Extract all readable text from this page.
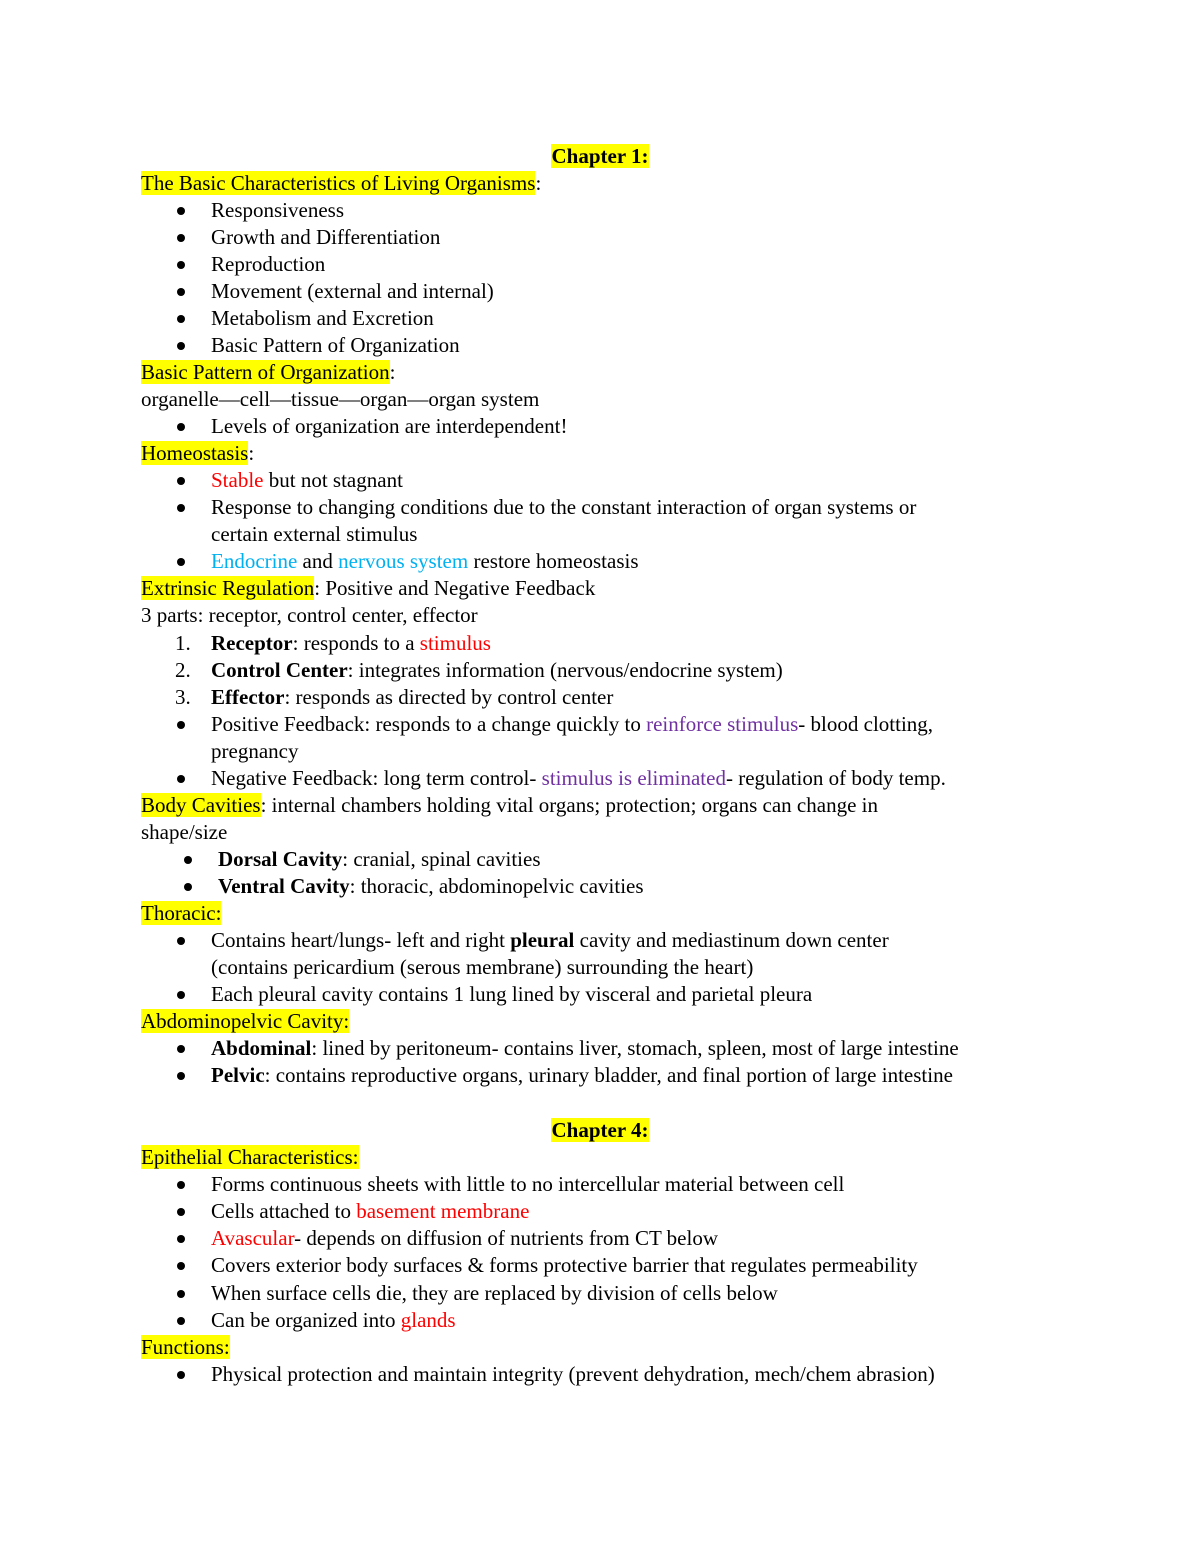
Chapter 1:
The Basic Characteristics of Living Organisms:
Responsiveness
Growth and Differentiation
Reproduction
Movement (external and internal)
Metabolism and Excretion
Basic Pattern of Organization
Basic Pattern of Organization:
organelle—cell—tissue—organ—organ system
Levels of organization are interdependent!
Homeostasis:
Stable but not stagnant
Response to changing conditions due to the constant interaction of organ systems or
certain external stimulus
Endocrine and nervous system restore homeostasis
Extrinsic Regulation: Positive and Negative Feedback
3 parts: receptor, control center, effector
1. Receptor: responds to a stimulus
2. Control Center: integrates information (nervous/endocrine system)
3. Effector: responds as directed by control center
Positive Feedback: responds to a change quickly to reinforce stimulus- blood clotting,
pregnancy
Negative Feedback: long term control- stimulus is eliminated- regulation of body temp.
Body Cavities: internal chambers holding vital organs; protection; organs can change in
shape/size
Dorsal Cavity: cranial, spinal cavities
Ventral Cavity: thoracic, abdominopelvic cavities
Thoracic:
Contains heart/lungs- left and right pleural cavity and mediastinum down center
(contains pericardium (serous membrane) surrounding the heart)
Each pleural cavity contains 1 lung lined by visceral and parietal pleura
Abdominopelvic Cavity:
Abdominal: lined by peritoneum- contains liver, stomach, spleen, most of large intestine
Pelvic: contains reproductive organs, urinary bladder, and final portion of large intestine
Chapter 4:
Epithelial Characteristics:
Forms continuous sheets with little to no intercellular material between cell
Cells attached to basement membrane
Avascular- depends on diffusion of nutrients from CT below
Covers exterior body surfaces & forms protective barrier that regulates permeability
When surface cells die, they are replaced by division of cells below
Can be organized into glands
Functions:
Physical protection and maintain integrity (prevent dehydration, mech/chem abrasion)
